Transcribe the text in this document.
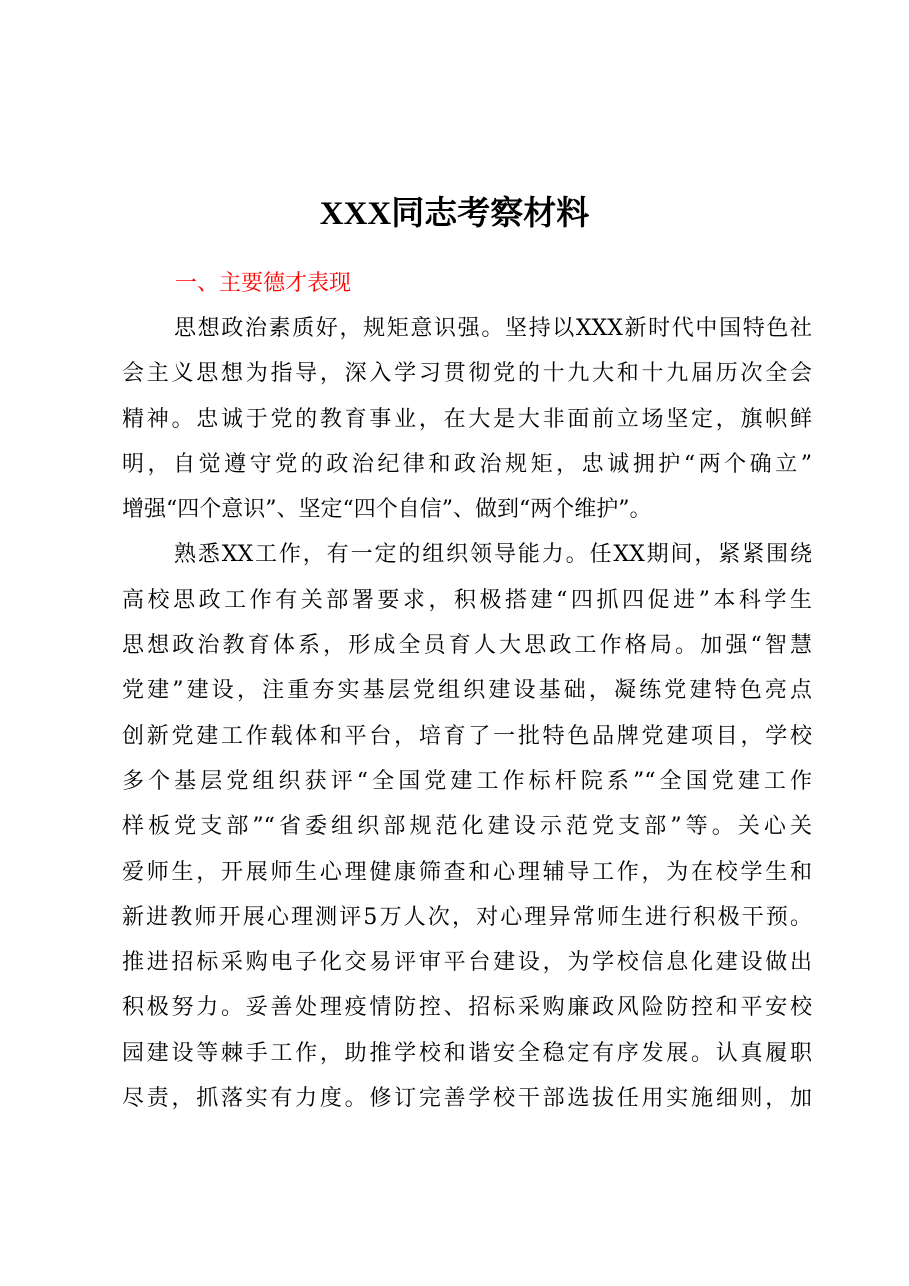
XXX同志考察材料
一、主要德才表现
思想政治素质好，规矩意识强。坚持以XXX新时代中国特色社
会主义思想为指导，深入学习贯彻党的十九大和十九届历次全会
精神。忠诚于党的教育事业，在大是大非面前立场坚定，旗帜鲜
明，自觉遵守党的政治纪律和政治规矩，忠诚拥护“两个确立”
增强“四个意识”、坚定“四个自信”、做到“两个维护”。
熟悉XX工作，有一定的组织领导能力。任XX期间，紧紧围绕
高校思政工作有关部署要求，积极搭建“四抓四促进”本科学生
思想政治教育体系，形成全员育人大思政工作格局。加强“智慧
党建”建设，注重夯实基层党组织建设基础，凝练党建特色亮点
创新党建工作载体和平台，培育了一批特色品牌党建项目，学校
多个基层党组织获评“全国党建工作标杆院系”“全国党建工作
样板党支部”“省委组织部规范化建设示范党支部”等。关心关
爱师生，开展师生心理健康筛查和心理辅导工作，为在校学生和
新进教师开展心理测评5万人次，对心理异常师生进行积极干预。
推进招标采购电子化交易评审平台建设，为学校信息化建设做出
积极努力。妥善处理疫情防控、招标采购廉政风险防控和平安校
园建设等棘手工作，助推学校和谐安全稳定有序发展。认真履职
尽责，抓落实有力度。修订完善学校干部选拔任用实施细则，加
